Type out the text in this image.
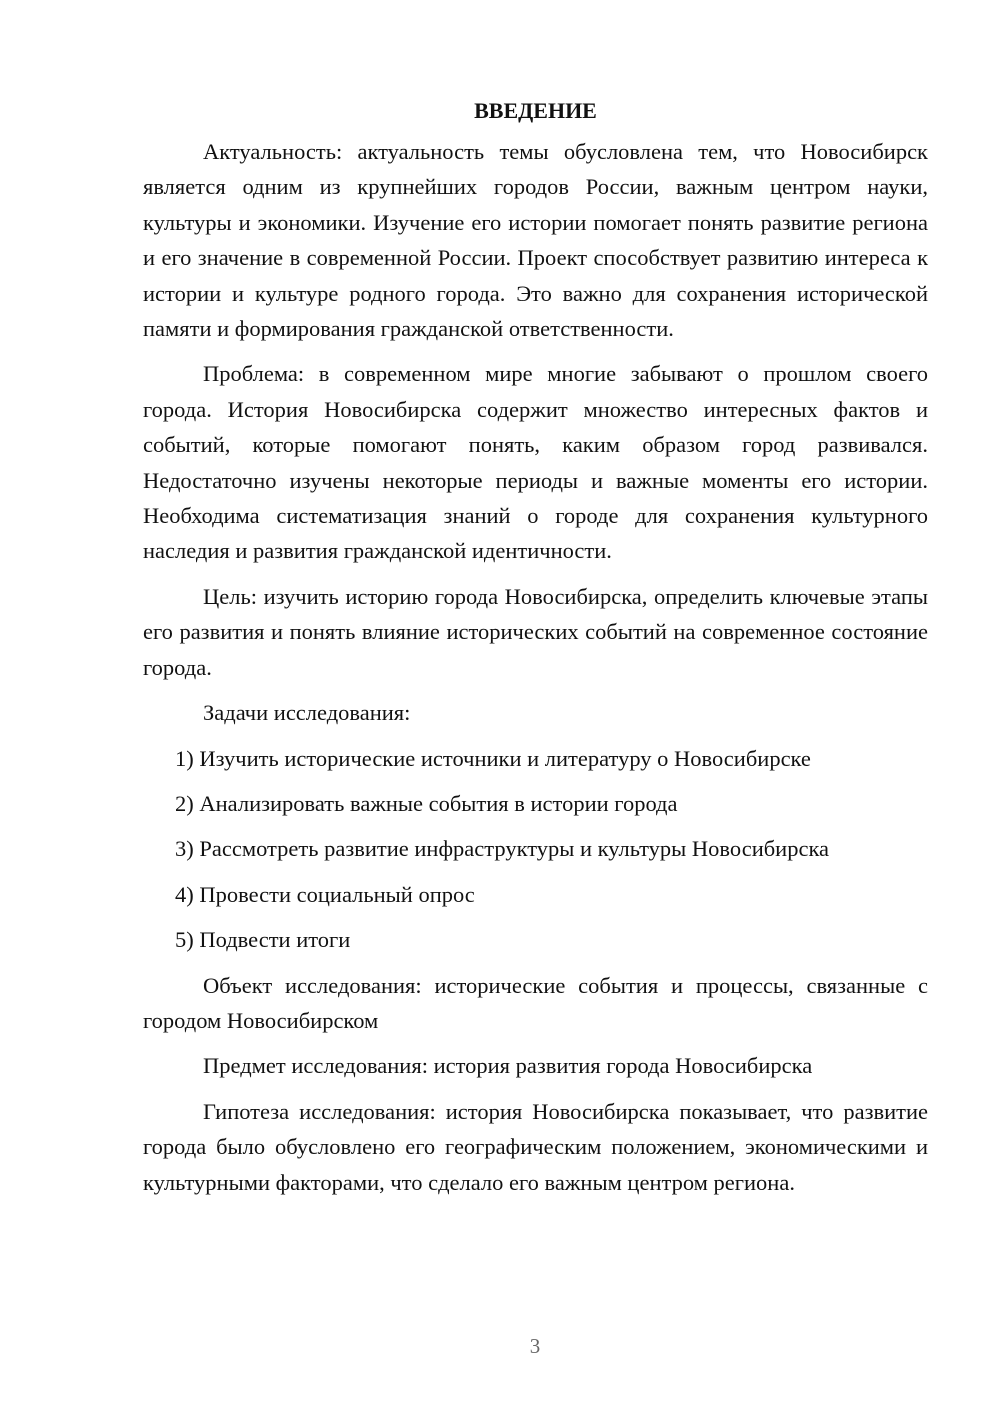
ВВЕДЕНИЕ

Актуальность: актуальность темы обусловлена тем, что Новосибирск является одним из крупнейших городов России, важным центром науки, культуры и экономики. Изучение его истории помогает понять развитие региона и его значение в современной России. Проект способствует развитию интереса к истории и культуре родного города. Это важно для сохранения исторической памяти и формирования гражданской ответственности.

Проблема: в современном мире многие забывают о прошлом своего города. История Новосибирска содержит множество интересных фактов и событий, которые помогают понять, каким образом город развивался. Недостаточно изучены некоторые периоды и важные моменты его истории. Необходима систематизация знаний о городе для сохранения культурного наследия и развития гражданской идентичности.

Цель: изучить историю города Новосибирска, определить ключевые этапы его развития и понять влияние исторических событий на современное состояние города.

Задачи исследования:

1) Изучить исторические источники и литературу о Новосибирске
2) Анализировать важные события в истории города
3) Рассмотреть развитие инфраструктуры и культуры Новосибирска
4) Провести социальный опрос
5) Подвести итоги

Объект исследования: исторические события и процессы, связанные с городом Новосибирском

Предмет исследования: история развития города Новосибирска

Гипотеза исследования: история Новосибирска показывает, что развитие города было обусловлено его географическим положением, экономическими и культурными факторами, что сделало его важным центром региона.

3
